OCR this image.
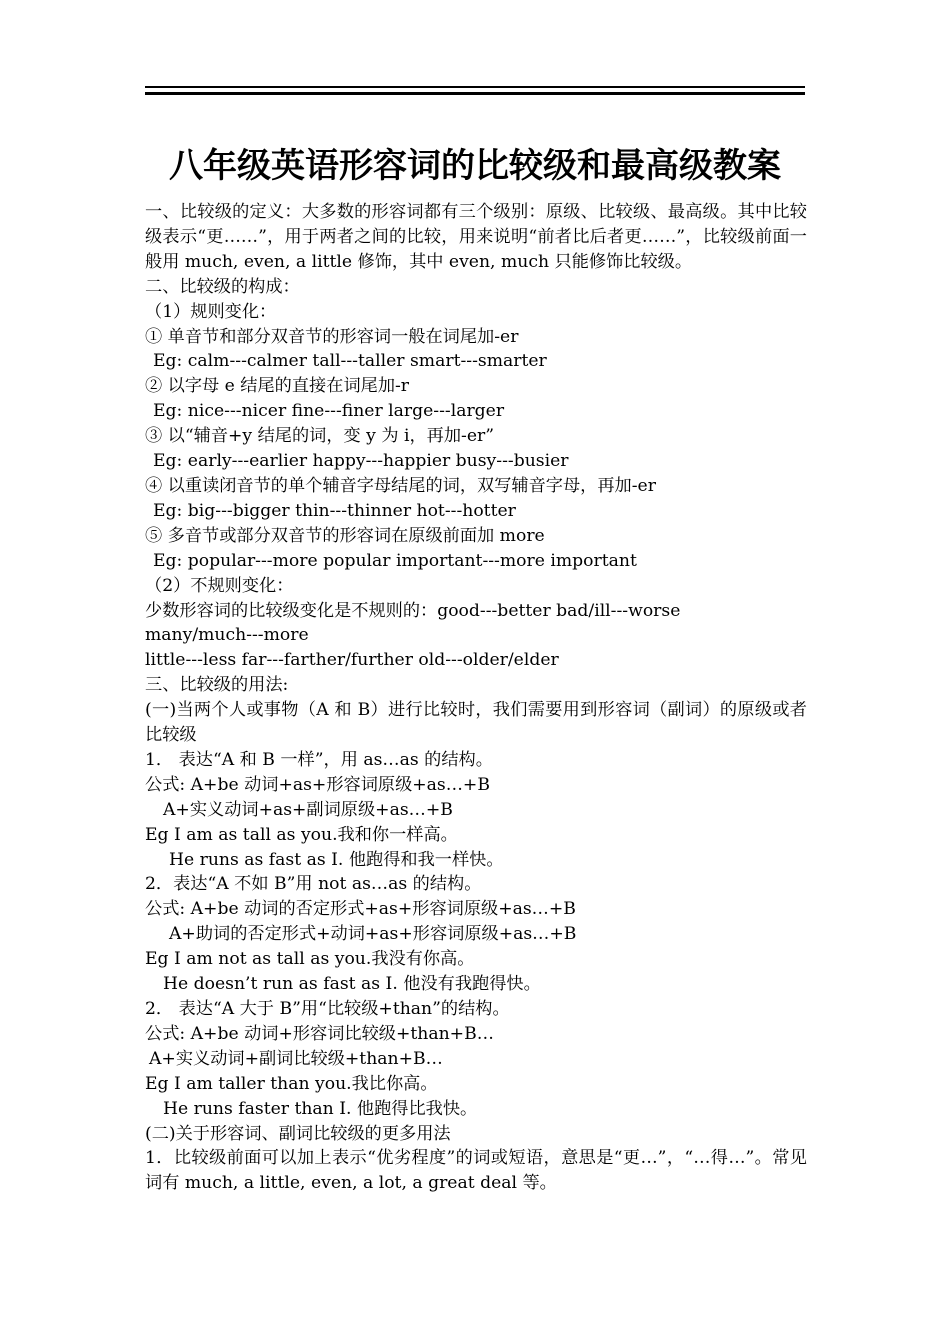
八年级英语形容词的比较级和最高级教案

一、比较级的定义：大多数的形容词都有三个级别：原级、比较级、最高级。其中比较级表示“更……”，用于两者之间的比较，用来说明“前者比后者更……”，比较级前面一般用 much, even, a little 修饰，其中 even, much 只能修饰比较级。

二、比较级的构成：

（1）规则变化：

① 单音节和部分双音节的形容词一般在词尾加-er

Eg: calm---calmer tall---taller smart---smarter

② 以字母 e 结尾的直接在词尾加-r

Eg: nice---nicer fine---finer large---larger

③ 以“辅音+y 结尾的词，变 y 为 i，再加-er”

Eg: early---earlier happy---happier busy---busier

④ 以重读闭音节的单个辅音字母结尾的词，双写辅音字母，再加-er

Eg: big---bigger thin---thinner hot---hotter

⑤ 多音节或部分双音节的形容词在原级前面加 more

Eg: popular---more popular important---more important

（2）不规则变化：

少数形容词的比较级变化是不规则的：good---better bad/ill---worse

many/much---more

little---less far---farther/further old---older/elder

三、比较级的用法:

(一)当两个人或事物（A 和 B）进行比较时，我们需要用到形容词（副词）的原级或者比较级

1． 表达“A 和 B 一样”，用 as…as 的结构。

公式: A+be 动词+as+形容词原级+as…+B

A+实义动词+as+副词原级+as…+B

Eg I am as tall as you.我和你一样高。

He runs as fast as I. 他跑得和我一样快。

2．表达“A 不如 B”用 not as…as 的结构。

公式: A+be 动词的否定形式+as+形容词原级+as…+B

A+助词的否定形式+动词+as+形容词原级+as…+B

Eg I am not as tall as you.我没有你高。

He doesn’t run as fast as I. 他没有我跑得快。

2． 表达“A 大于 B”用“比较级+than”的结构。

公式: A+be 动词+形容词比较级+than+B…

A+实义动词+副词比较级+than+B…

Eg I am taller than you.我比你高。

He runs faster than I. 他跑得比我快。

(二)关于形容词、副词比较级的更多用法

1．比较级前面可以加上表示“优劣程度”的词或短语，意思是“更…”，“…得…”。常见词有 much, a little, even, a lot, a great deal 等。
